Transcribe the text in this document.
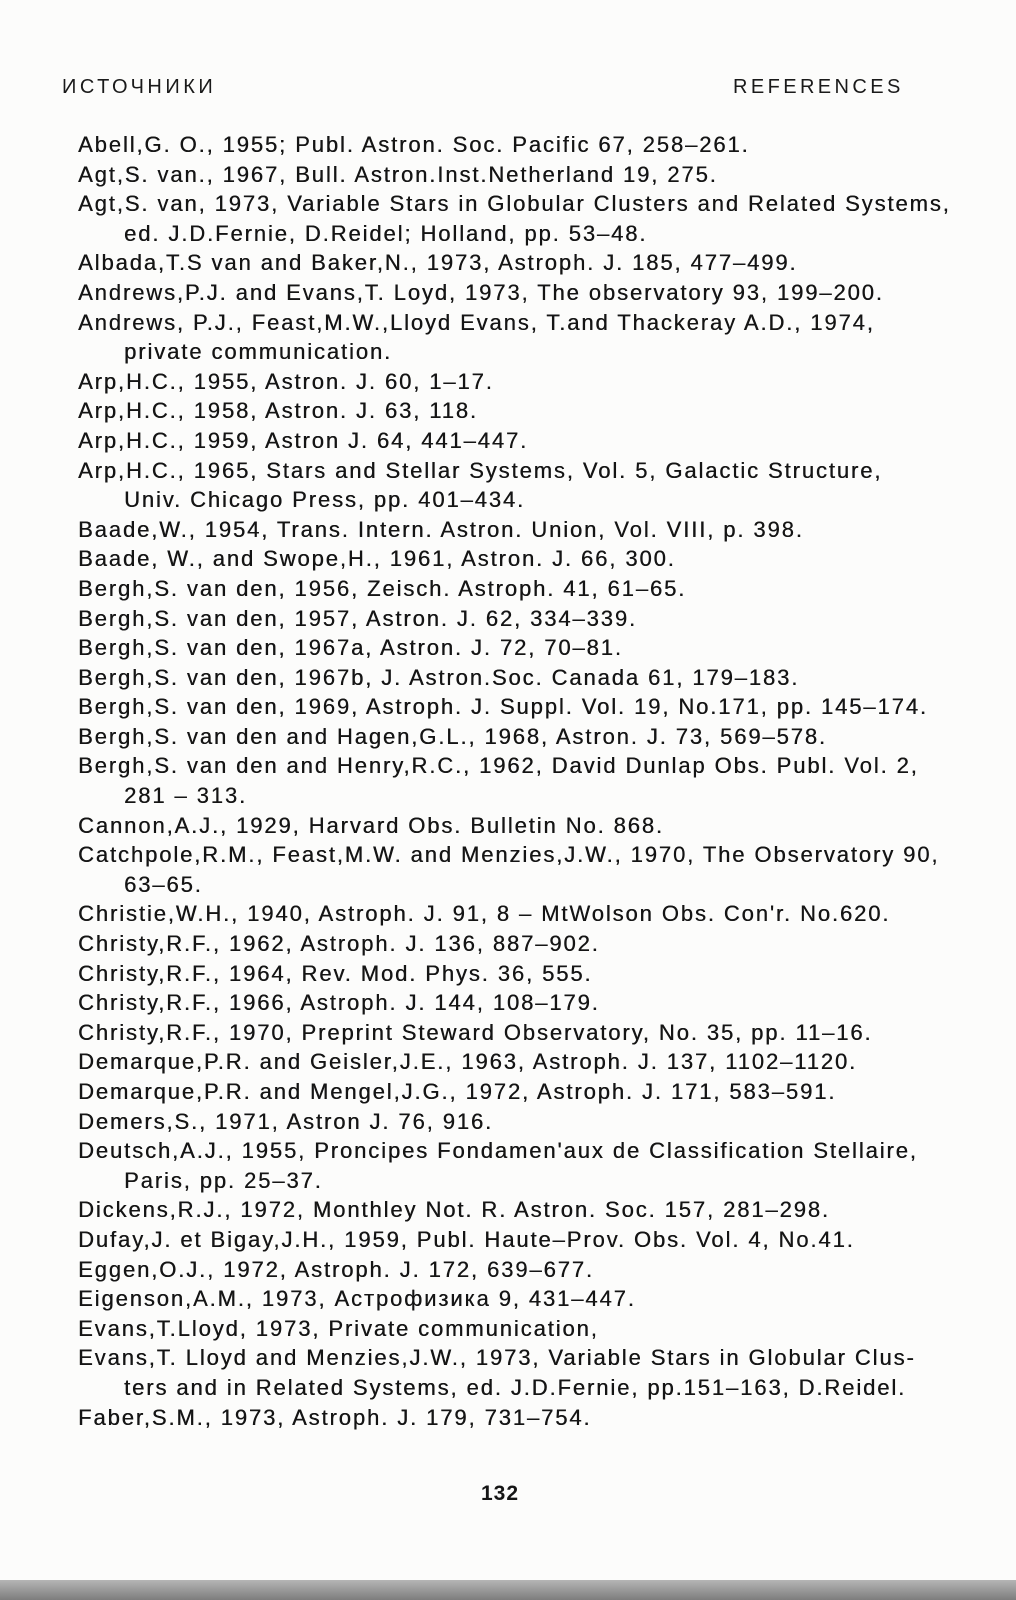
ИСТОЧНИКИ	REFERENCES
Abell,G. O., 1955; Publ. Astron. Soc. Pacific 67, 258–261.
Agt,S. van., 1967, Bull. Astron.Inst.Netherland 19, 275.
Agt,S. van, 1973, Variable Stars in Globular Clusters and Related Systems,
ed. J.D.Fernie, D.Reidel; Holland, pp. 53–48.
Albada,T.S van and Baker,N., 1973, Astroph. J. 185, 477–499.
Andrews,P.J. and Evans,T. Loyd, 1973, The observatory 93, 199–200.
Andrews, P.J., Feast,M.W.,Lloyd Evans, T.and Thackeray A.D., 1974,
private communication.
Arp,H.C., 1955, Astron. J. 60, 1–17.
Arp,H.C., 1958, Astron. J. 63, 118.
Arp,H.C., 1959, Astron J. 64, 441–447.
Arp,H.C., 1965, Stars and Stellar Systems, Vol. 5, Galactic Structure,
Univ. Chicago Press, pp. 401–434.
Baade,W., 1954, Trans. Intern. Astron. Union, Vol. VIII, p. 398.
Baade, W., and Swope,H., 1961, Astron. J. 66, 300.
Bergh,S. van den, 1956, Zeisch. Astroph. 41, 61–65.
Bergh,S. van den, 1957, Astron. J. 62, 334–339.
Bergh,S. van den, 1967a, Astron. J. 72, 70–81.
Bergh,S. van den, 1967b, J. Astron.Soc. Canada 61, 179–183.
Bergh,S. van den, 1969, Astroph. J. Suppl. Vol. 19, No.171, pp. 145–174.
Bergh,S. van den and Hagen,G.L., 1968, Astron. J. 73, 569–578.
Bergh,S. van den and Henry,R.C., 1962, David Dunlap Obs. Publ. Vol. 2,
281 – 313.
Cannon,A.J., 1929, Harvard Obs. Bulletin No. 868.
Catchpole,R.M., Feast,M.W. and Menzies,J.W., 1970, The Observatory 90,
63–65.
Christie,W.H., 1940, Astroph. J. 91, 8 – MtWolson Obs. Con'r. No.620.
Christy,R.F., 1962, Astroph. J. 136, 887–902.
Christy,R.F., 1964, Rev. Mod. Phys. 36, 555.
Christy,R.F., 1966, Astroph. J. 144, 108–179.
Christy,R.F., 1970, Preprint Steward Observatory, No. 35, pp. 11–16.
Demarque,P.R. and Geisler,J.E., 1963, Astroph. J. 137, 1102–1120.
Demarque,P.R. and Mengel,J.G., 1972, Astroph. J. 171, 583–591.
Demers,S., 1971, Astron J. 76, 916.
Deutsch,A.J., 1955, Proncipes Fondamen'aux de Classification Stellaire,
Paris, pp. 25–37.
Dickens,R.J., 1972, Monthley Not. R. Astron. Soc. 157, 281–298.
Dufay,J. et Bigay,J.H., 1959, Publ. Haute–Prov. Obs. Vol. 4, No.41.
Eggen,O.J., 1972, Astroph. J. 172, 639–677.
Eigenson,A.M., 1973, Астрофизика 9, 431–447.
Evans,T.Lloyd, 1973, Private communication,
Evans,T. Lloyd and Menzies,J.W., 1973, Variable Stars in Globular Clus-
ters and in Related Systems, ed. J.D.Fernie, pp.151–163, D.Reidel.
Faber,S.M., 1973, Astroph. J. 179, 731–754.
132
